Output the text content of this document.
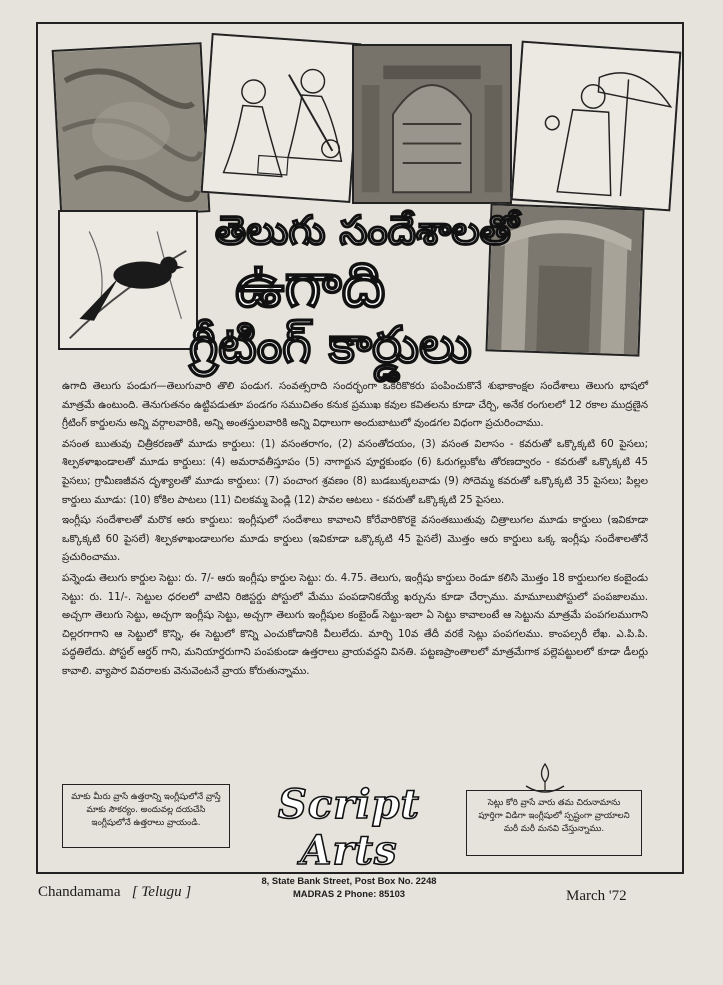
తెలుగు సందేశాలతో
ఉగాది
గ్రీటింగ్ కార్డులు

ఉగాది తెలుగు పండుగ—తెలుగువారి తొలి పండుగ. సంవత్సరాది సందర్భంగా ఒకరికొకరు పంపించుకొనే శుభాకాంక్షల సందేశాలు తెలుగు భాషలో మాత్రమే ఉంటుంది. తెనుగుతనం ఉట్టిపడుతూ పండగం సముచితం కనుక ప్రముఖ కవుల కవితలను కూడా చేర్చి, అనేక రంగులలో 12 రకాల ముద్రణైన గ్రీటింగ్ కార్డులను అన్ని వర్గాలవారికి, అన్ని అంతస్తులవారికి అన్ని విధాలుగా అందుబాటులో వుండగల విధంగా ప్రచురించాము.

వసంత ఋతువు చిత్రీకరణతో మూడు కార్డులు: (1) వసంతరాగం, (2) వసంతోదయం, (3) వసంత విలాసం - కవరుతో ఒక్కొక్కటి 60 పైసలు; శిల్పకళాఖండాలతో మూడు కార్డులు: (4) అమరావతీస్తూపం (5) నాగార్జున పూర్ణకుంభం (6) ఓరుగల్లుకోట తోరణద్వారం - కవరుతో ఒక్కొక్కటి 45 పైసలు; గ్రామీణజీవన దృశ్యాలతో మూడు కార్డులు: (7) పంచాంగ శ్రవణం (8) బుడబుక్కలవాడు (9) సోదెమ్మ కవరుతో ఒక్కొక్కటి 35 పైసలు; పిల్లల కార్డులు మూడు: (10) కోకిల పాటలు (11) చిలకమ్మ పెండ్లి (12) పావల ఆటలు - కవరుతో ఒక్కొక్కటి 25 పైసలు.

ఇంగ్లీషు సందేశాలతో మరొక ఆరు కార్డులు: ఇంగ్లీషులో సందేశాలు కావాలని కోరేవారికొరకై వసంతఋతువు చిత్రాలుగల మూడు కార్డులు (ఇవికూడా ఒక్కొక్కటి 60 పైసలే) శిల్పకళాఖండాలుగల మూడు కార్డులు (ఇవికూడా ఒక్కొక్కటి 45 పైసలే) మొత్తం ఆరు కార్డులు ఒక్క ఇంగ్లీషు సందేశాలతోనే ప్రచురించాము.

పన్నెండు తెలుగు కార్డుల సెట్టు: రు. 7/- ఆరు ఇంగ్లీషు కార్డుల సెట్టు: రు. 4.75. తెలుగు, ఇంగ్లీషు కార్డులు రెండూ కలిసి మొత్తం 18 కార్డులుగల కంబైండు సెట్టు: రు. 11/-. సెట్టుల ధరలలో వాటిని రిజిస్టర్డు పోస్టులో మేము పంపడానికయ్యే ఖర్చును కూడా చేర్చాము. మామూలుపోస్టులో పంపజాలము. అచ్చగా తెలుగు సెట్టు, అచ్చగా ఇంగ్లీషు సెట్టు, అచ్చగా తెలుగు ఇంగ్లీషుల కంబైండ్ సెట్టు-ఇలా ఏ సెట్టు కావాలంటే ఆ సెట్టును మాత్రమే పంపగలముగాని చిల్లరగాగాని ఆ సెట్టులో కొన్ని, ఈ సెట్టులో కొన్ని ఎంచుకోడానికి వీలులేదు. మార్చి 10వ తేదీ వరకే సెట్లు పంపగలము. కాంపల్సరీ లేఖ. ఎ.పి.పి. పద్ధతిలేదు. పోస్టల్ ఆర్డర్ గాని, మనియార్డరుగాని పంపకుండా ఉత్తరాలు వ్రాయవద్దని వినతి. పట్టణప్రాంతాలలో మాత్రమేగాక పల్లెపట్టులలో కూడా డీలర్లు కావాలి. వ్యాపార వివరాలకు వెనువెంటనే వ్రాయ కోరుతున్నాము.

మాకు మీరు వ్రాసే ఉత్తరాన్ని ఇంగ్లీషులోనే వ్రాస్తే మాకు సౌకర్యం. అందువల్ల దయచేసి ఇంగ్లీషులోనే ఉత్తరాలు వ్రాయండి.	Script Arts
8, State Bank Street, Post Box No. 2248
MADRAS 2 Phone: 85103
సెట్లు కోరి వ్రాసే వారు తమ చిరునామాను పూర్తిగా విడిగా ఇంగ్లీషులో స్పష్టంగా వ్రాయాలని మరీ మరీ మనవి చేస్తున్నాము.
Chandamama [ Telugu ]	March '72
